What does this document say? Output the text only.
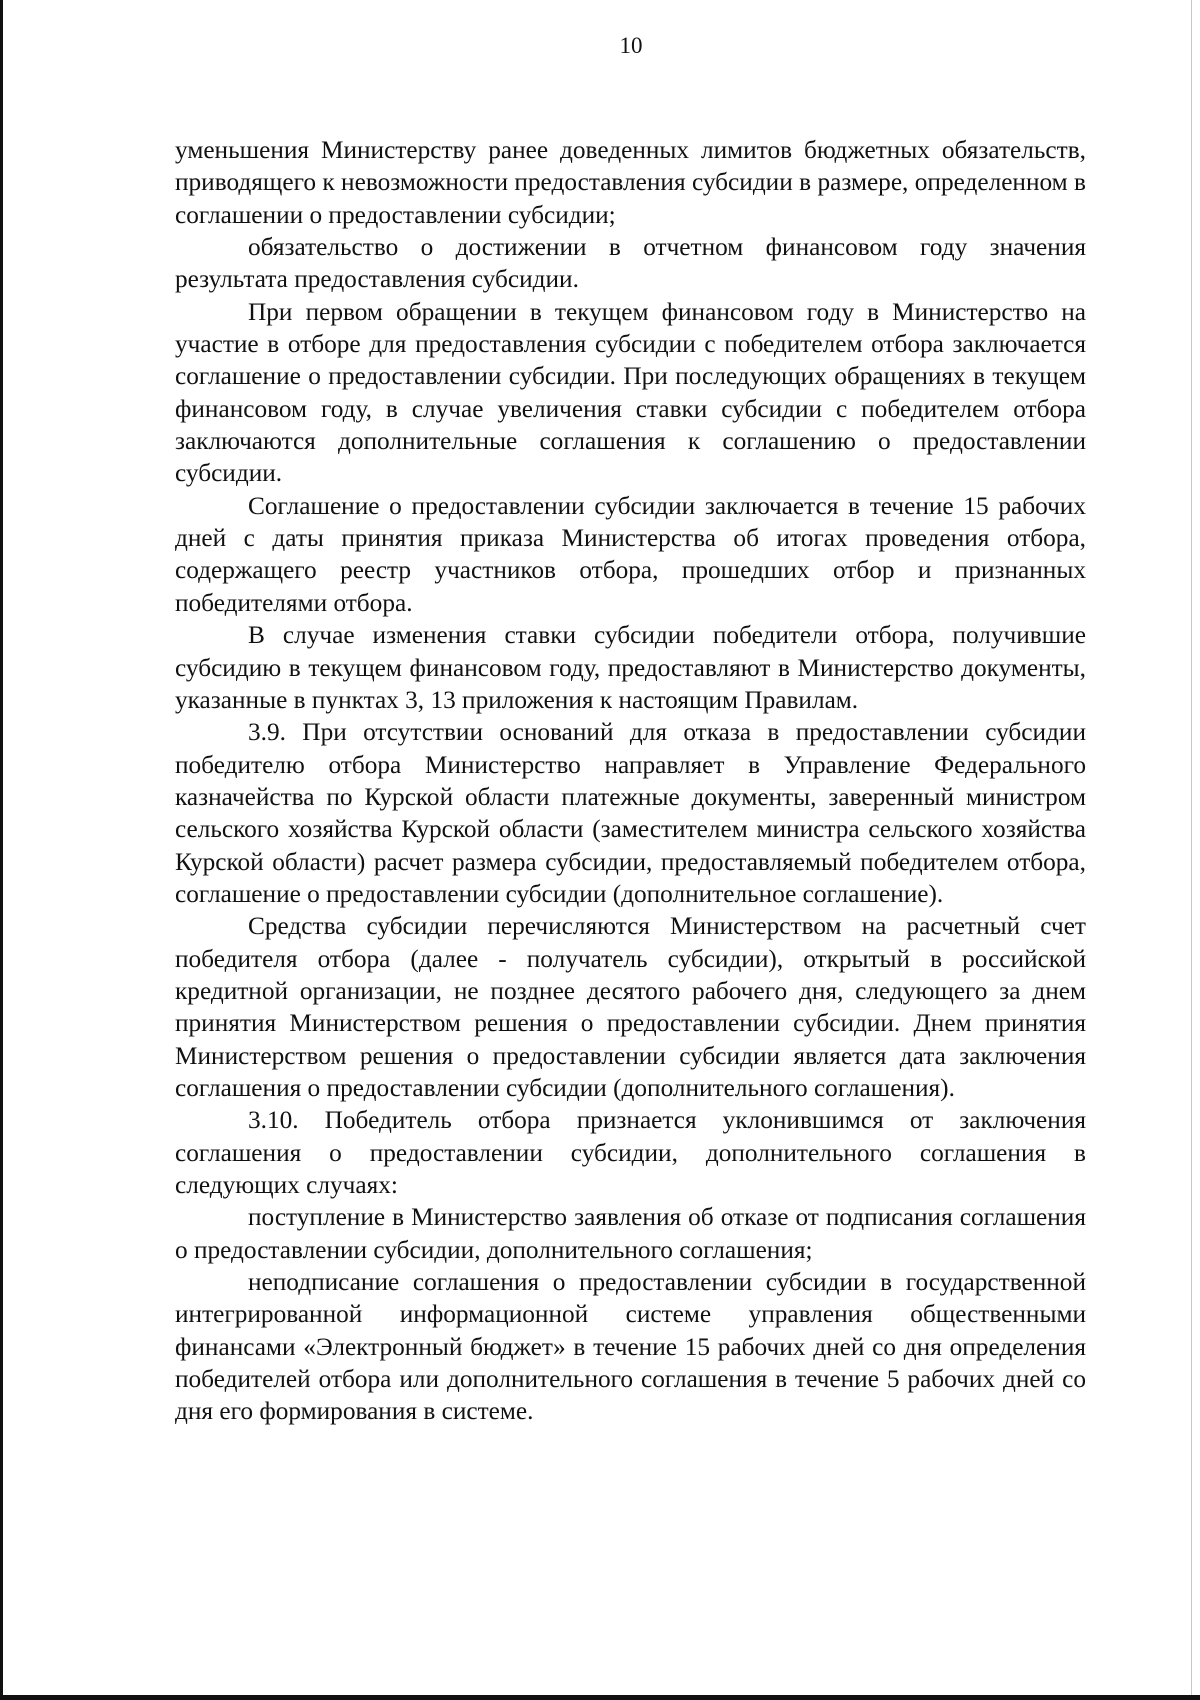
10

уменьшения Министерству ранее доведенных лимитов бюджетных обязательств, приводящего к невозможности предоставления субсидии в размере, определенном в соглашении о предоставлении субсидии;

обязательство о достижении в отчетном финансовом году значения результата предоставления субсидии.

При первом обращении в текущем финансовом году в Министерство на участие в отборе для предоставления субсидии с победителем отбора заключается соглашение о предоставлении субсидии. При последующих обращениях в текущем финансовом году, в случае увеличения ставки субсидии с победителем отбора заключаются дополнительные соглашения к соглашению о предоставлении субсидии.

Соглашение о предоставлении субсидии заключается в течение 15 рабочих дней с даты принятия приказа Министерства об итогах проведения отбора, содержащего реестр участников отбора, прошедших отбор и признанных победителями отбора.

В случае изменения ставки субсидии победители отбора, получившие субсидию в текущем финансовом году, предоставляют в Министерство документы, указанные в пунктах 3, 13 приложения к настоящим Правилам.

3.9. При отсутствии оснований для отказа в предоставлении субсидии победителю отбора Министерство направляет в Управление Федерального казначейства по Курской области платежные документы, заверенный министром сельского хозяйства Курской области (заместителем министра сельского хозяйства Курской области) расчет размера субсидии, предоставляемый победителем отбора, соглашение о предоставлении субсидии (дополнительное соглашение).

Средства субсидии перечисляются Министерством на расчетный счет победителя отбора (далее - получатель субсидии), открытый в российской кредитной организации, не позднее десятого рабочего дня, следующего за днем принятия Министерством решения о предоставлении субсидии. Днем принятия Министерством решения о предоставлении субсидии является дата заключения соглашения о предоставлении субсидии (дополнительного соглашения).

3.10. Победитель отбора признается уклонившимся от заключения соглашения о предоставлении субсидии, дополнительного соглашения в следующих случаях:

поступление в Министерство заявления об отказе от подписания соглашения о предоставлении субсидии, дополнительного соглашения;

неподписание соглашения о предоставлении субсидии в государственной интегрированной информационной системе управления общественными финансами «Электронный бюджет» в течение 15 рабочих дней со дня определения победителей отбора или дополнительного соглашения в течение 5 рабочих дней со дня его формирования в системе.
